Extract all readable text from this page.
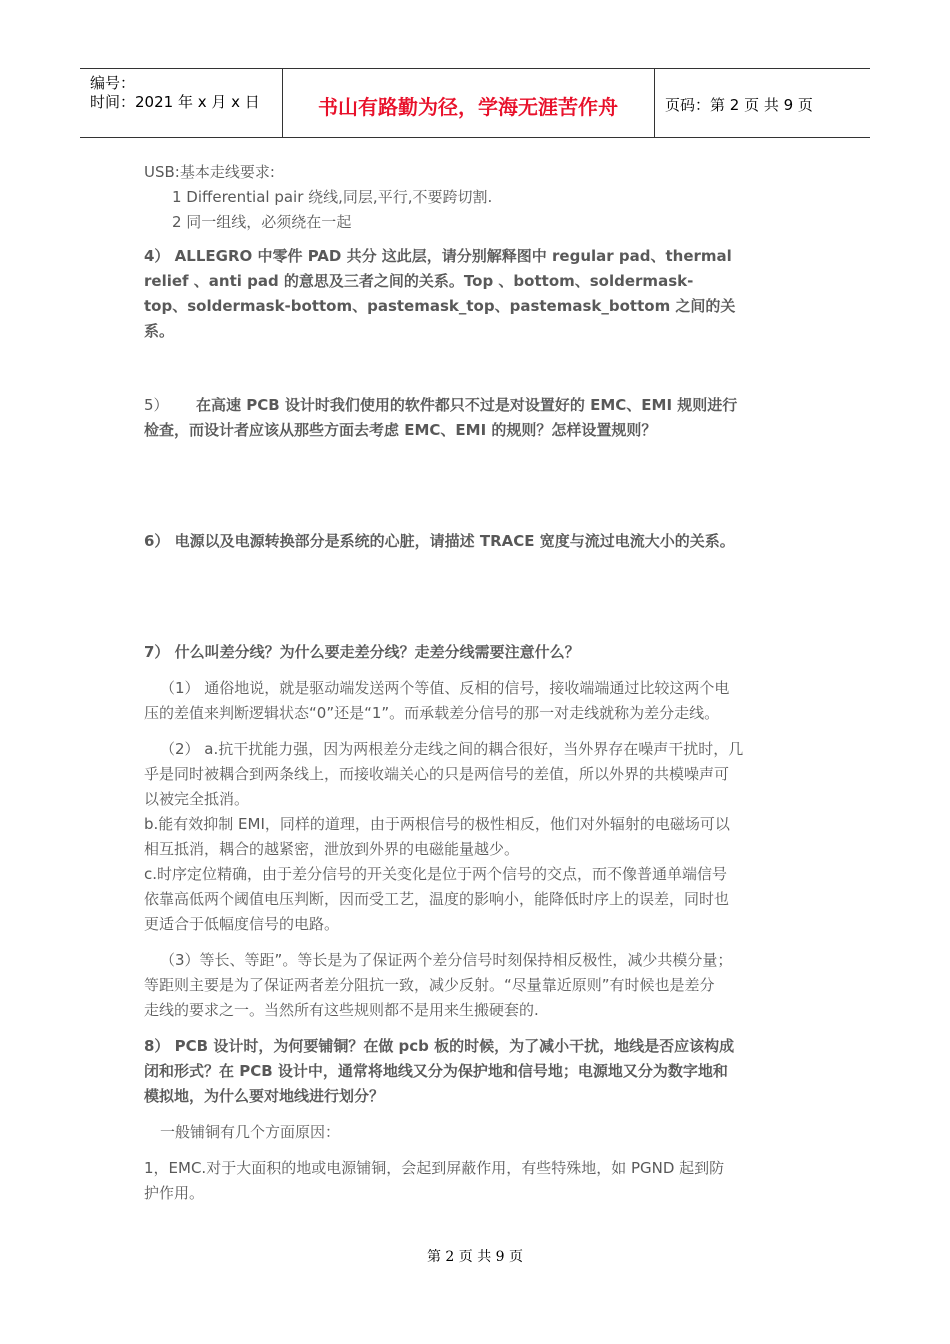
编号：
时间：2021 年 x 月 x 日	书山有路勤为径，学海无涯苦作舟	页码：第 2 页 共 9 页
USB:基本走线要求:
1 Differential pair 绕线,同层,平行,不要跨切割.
2 同一组线，必须绕在一起
4） ALLEGRO 中零件 PAD 共分 这此层，请分别解释图中 regular pad、thermal
relief 、anti pad 的意思及三者之间的关系。Top 、bottom、soldermask-
top、soldermask-bottom、pastemask_top、pastemask_bottom 之间的关
系。
5） 在高速 PCB 设计时我们使用的软件都只不过是对设置好的 EMC、EMI 规则进行
检查，而设计者应该从那些方面去考虑 EMC、EMI 的规则？怎样设置规则？
6） 电源以及电源转换部分是系统的心脏，请描述 TRACE 宽度与流过电流大小的关系。
7） 什么叫差分线？为什么要走差分线？走差分线需要注意什么？
（1） 通俗地说，就是驱动端发送两个等值、反相的信号，接收端端通过比较这两个电
压的差值来判断逻辑状态“0”还是“1”。而承载差分信号的那一对走线就称为差分走线。
（2） a.抗干扰能力强，因为两根差分走线之间的耦合很好，当外界存在噪声干扰时，几
乎是同时被耦合到两条线上，而接收端关心的只是两信号的差值，所以外界的共模噪声可
以被完全抵消。
b.能有效抑制 EMI，同样的道理，由于两根信号的极性相反，他们对外辐射的电磁场可以
相互抵消，耦合的越紧密，泄放到外界的电磁能量越少。
c.时序定位精确，由于差分信号的开关变化是位于两个信号的交点，而不像普通单端信号
依靠高低两个阈值电压判断，因而受工艺，温度的影响小，能降低时序上的误差，同时也
更适合于低幅度信号的电路。
（3）等长、等距”。等长是为了保证两个差分信号时刻保持相反极性，减少共模分量；
等距则主要是为了保证两者差分阻抗一致，减少反射。“尽量靠近原则”有时候也是差分
走线的要求之一。当然所有这些规则都不是用来生搬硬套的.
8） PCB 设计时，为何要铺铜？在做 pcb 板的时候，为了减小干扰，地线是否应该构成
闭和形式？在 PCB 设计中，通常将地线又分为保护地和信号地；电源地又分为数字地和
模拟地，为什么要对地线进行划分？
一般铺铜有几个方面原因：
1，EMC.对于大面积的地或电源铺铜，会起到屏蔽作用，有些特殊地，如 PGND 起到防
护作用。
第 2 页 共 9 页
